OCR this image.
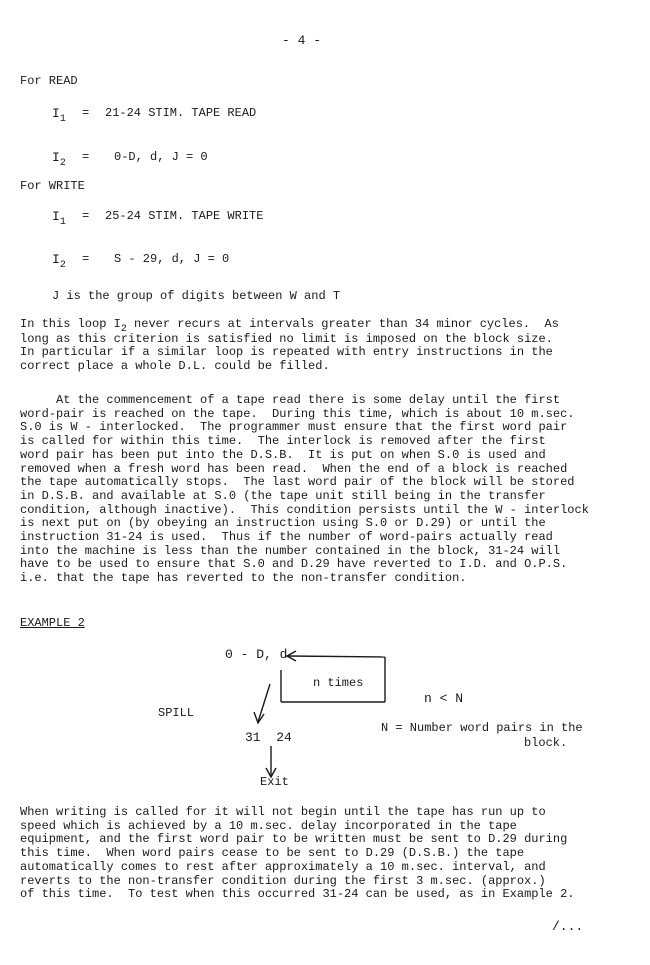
- 4 -
For READ
$I_1 = 21-24$ STIM. TAPE READ
$I_2 = 0-D$, d, J = 0
For WRITE
$I_1 = 25-24$ STIM. TAPE WRITE
$I_2 = S - 29$, d, J = 0
J is the group of digits between W and T
In this loop $I_2$ never recurs at intervals greater than 34 minor cycles.  As
long as this criterion is satisfied no limit is imposed on the block size.
In particular if a similar loop is repeated with entry instructions in the
correct place a whole D.L. could be filled.
At the commencement of a tape read there is some delay until the first
word-pair is reached on the tape.  During this time, which is about 10 m.sec.
S.0 is W - interlocked.  The programmer must ensure that the first word pair
is called for within this time.  The interlock is removed after the first
word pair has been put into the D.S.B.  It is put on when S.0 is used and
removed when a fresh word has been read.  When the end of a block is reached
the tape automatically stops.  The last word pair of the block will be stored
in D.S.B. and available at S.0 (the tape unit still being in the transfer
condition, although inactive).  This condition persists until the W - interlock
is next put on (by obeying an instruction using S.0 or D.29) or until the
instruction 31-24 is used.  Thus if the number of word-pairs actually read
into the machine is less than the number contained in the block, 31-24 will
have to be used to ensure that S.0 and D.29 have reverted to I.D. and O.P.S.
i.e. that the tape has reverted to the non-transfer condition.
EXAMPLE 2
0 - D, d
n times
SPILL
31  24
Exit
n < N
N = Number word pairs in the
block.
When writing is called for it will not begin until the tape has run up to
speed which is achieved by a 10 m.sec. delay incorporated in the tape
equipment, and the first word pair to be written must be sent to D.29 during
this time.  When word pairs cease to be sent to D.29 (D.S.B.) the tape
automatically comes to rest after approximately a 10 m.sec. interval, and
reverts to the non-transfer condition during the first 3 m.sec. (approx.)
of this time.  To test when this occurred 31-24 can be used, as in Example 2.
/...
